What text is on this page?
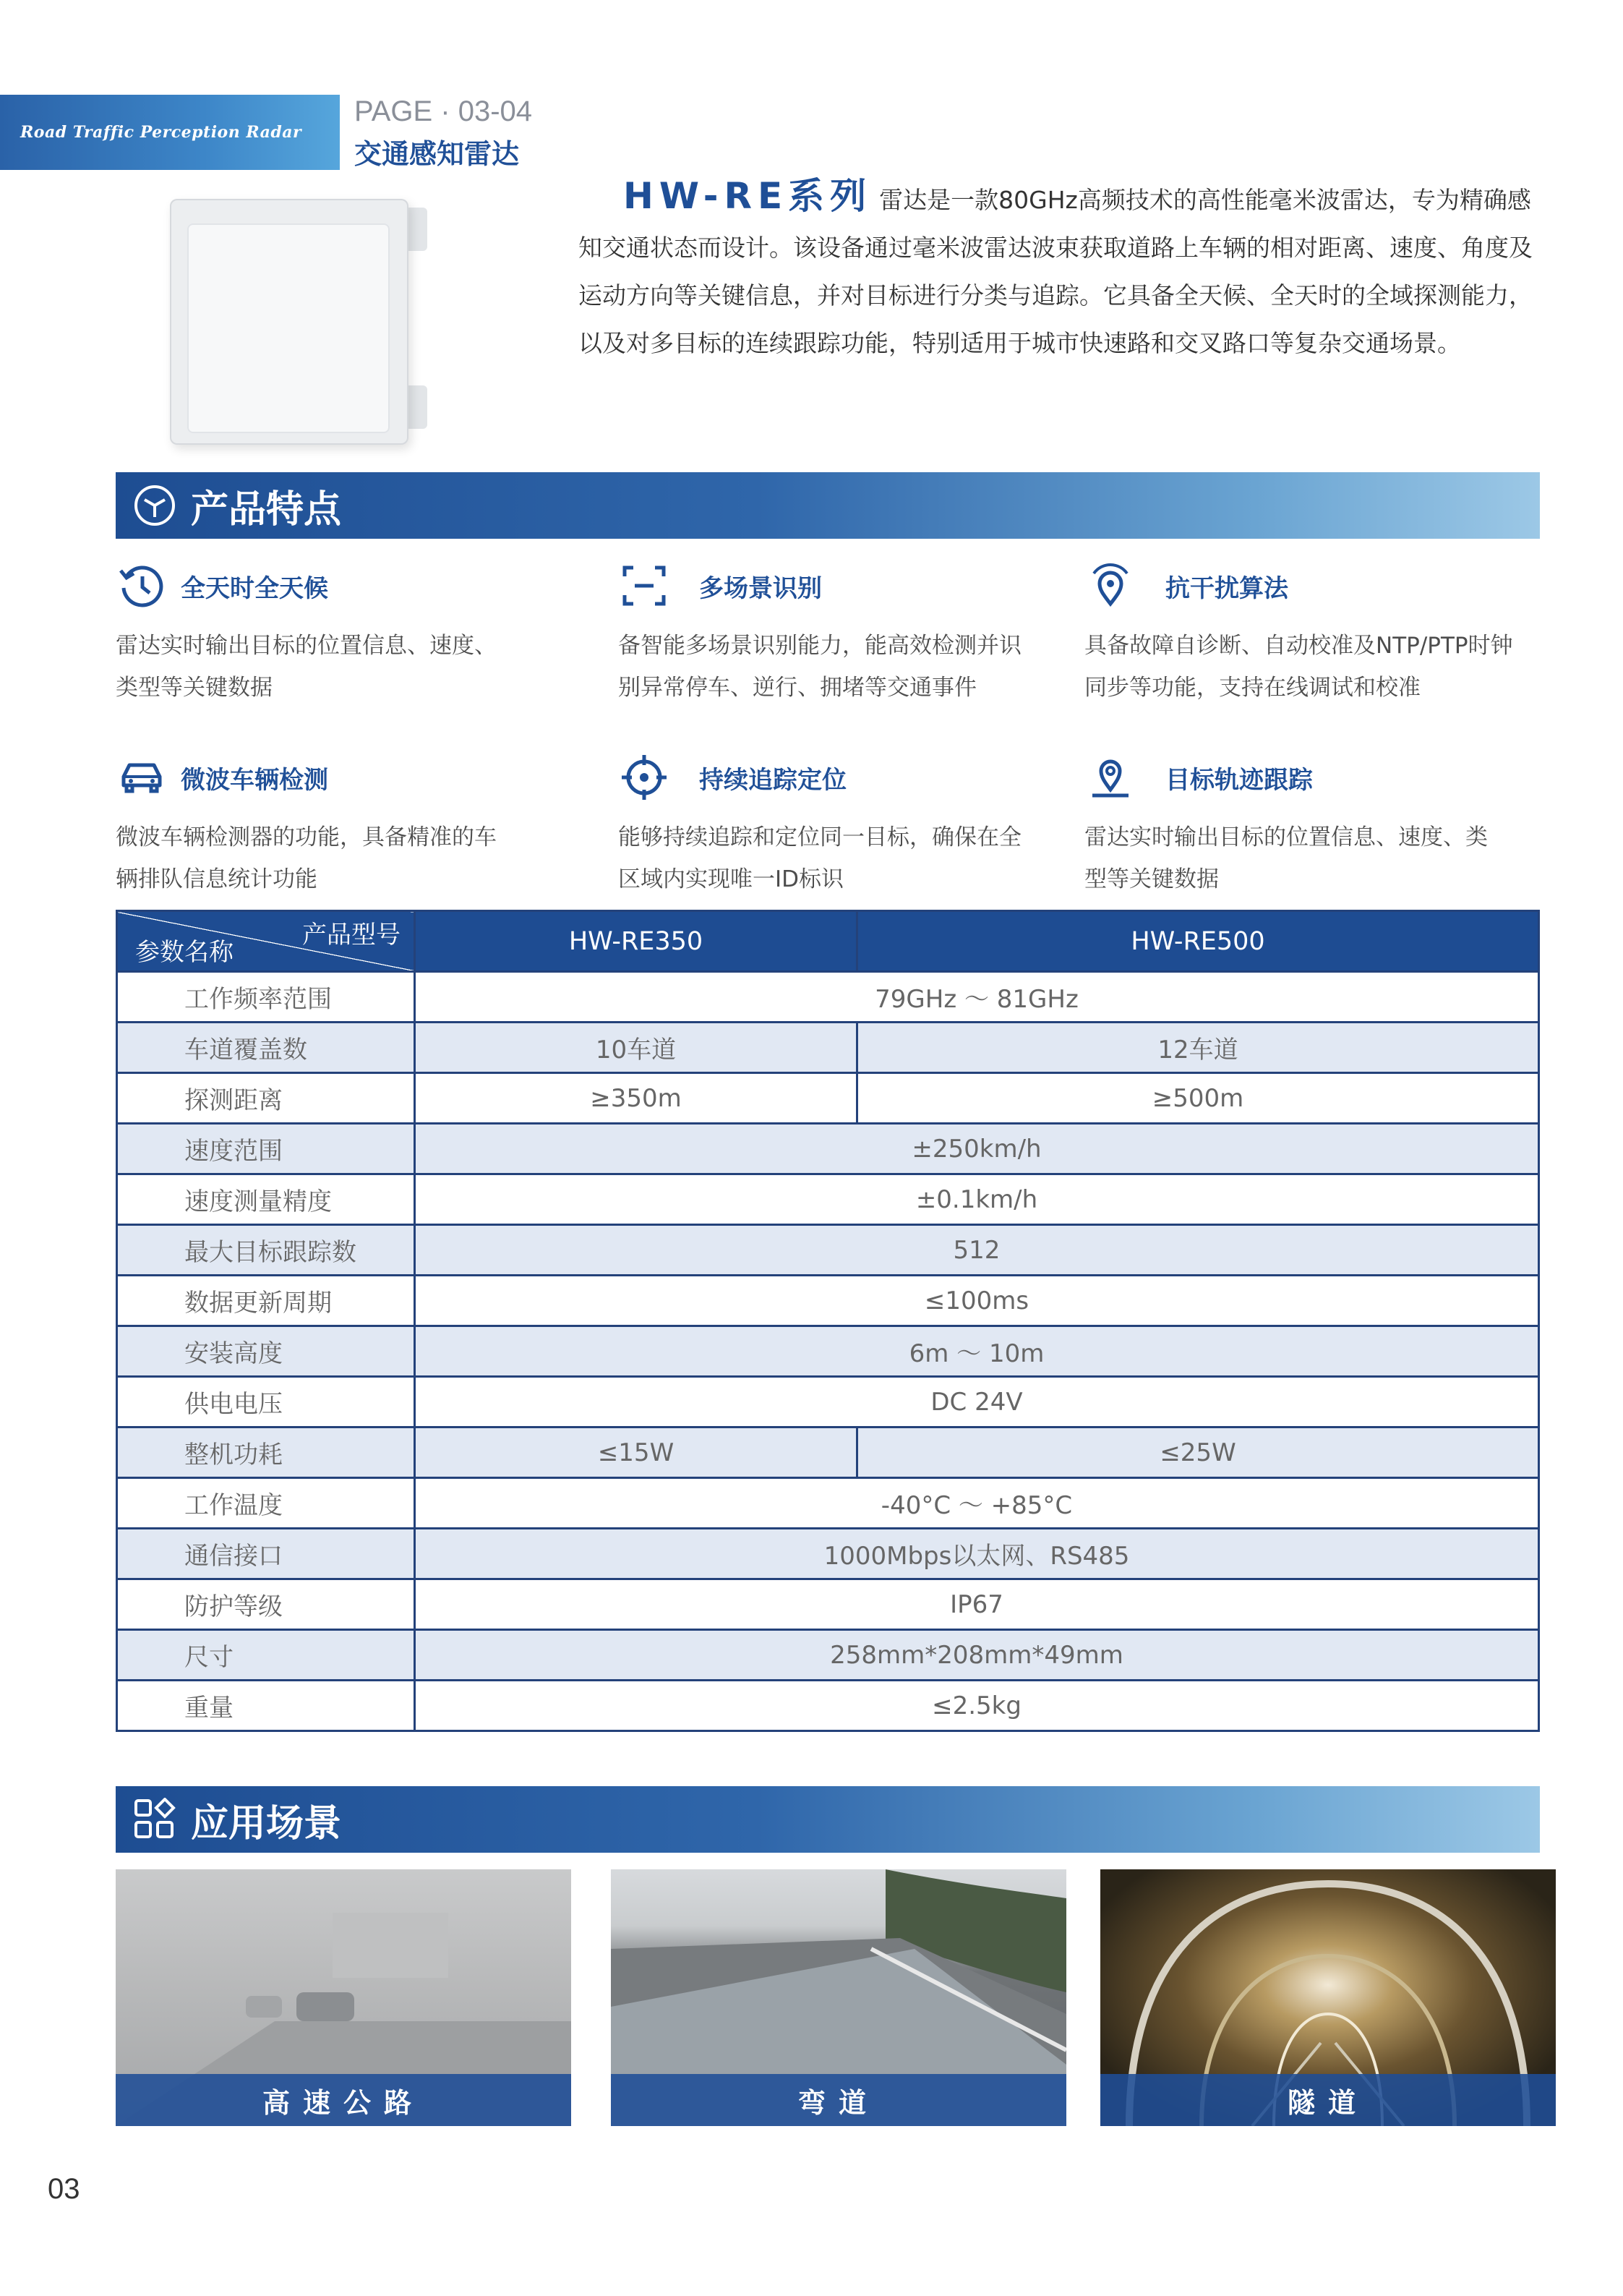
Road Traffic Perception Radar
PAGE · 03-04
交通感知雷达
HW-RE系列 雷达是一款80GHz高频技术的高性能毫米波雷达，专为精确感知交通状态而设计。该设备通过毫米波雷达波束获取道路上车辆的相对距离、速度、角度及运动方向等关键信息，并对目标进行分类与追踪。它具备全天候、全天时的全域探测能力，以及对多目标的连续跟踪功能，特别适用于城市快速路和交叉路口等复杂交通场景。
产品特点
全天时全天候
雷达实时输出目标的位置信息、速度、类型等关键数据
多场景识别
备智能多场景识别能力，能高效检测并识别异常停车、逆行、拥堵等交通事件
抗干扰算法
具备故障自诊断、自动校准及NTP/PTP时钟同步等功能，支持在线调试和校准
微波车辆检测
微波车辆检测器的功能，具备精准的车辆排队信息统计功能
持续追踪定位
能够持续追踪和定位同一目标，确保在全区域内实现唯一ID标识
目标轨迹跟踪
雷达实时输出目标的位置信息、速度、类型等关键数据
产品型号
参数名称	HW-RE350	HW-RE500
工作频率范围	79GHz ～ 81GHz	
车道覆盖数	10车道	12车道
探测距离	≥350m	≥500m
速度范围	±250km/h	
速度测量精度	±0.1km/h	
最大目标跟踪数	512	
数据更新周期	≤100ms	
安装高度	6m ～ 10m	
供电电压	DC 24V	
整机功耗	≤15W	≤25W
工作温度	-40°C ～ +85°C	
通信接口	1000Mbps以太网、RS485	
防护等级	IP67	
尺寸	258mm*208mm*49mm	
重量	≤2.5kg	
应用场景
高速公路	弯道	隧道
03
